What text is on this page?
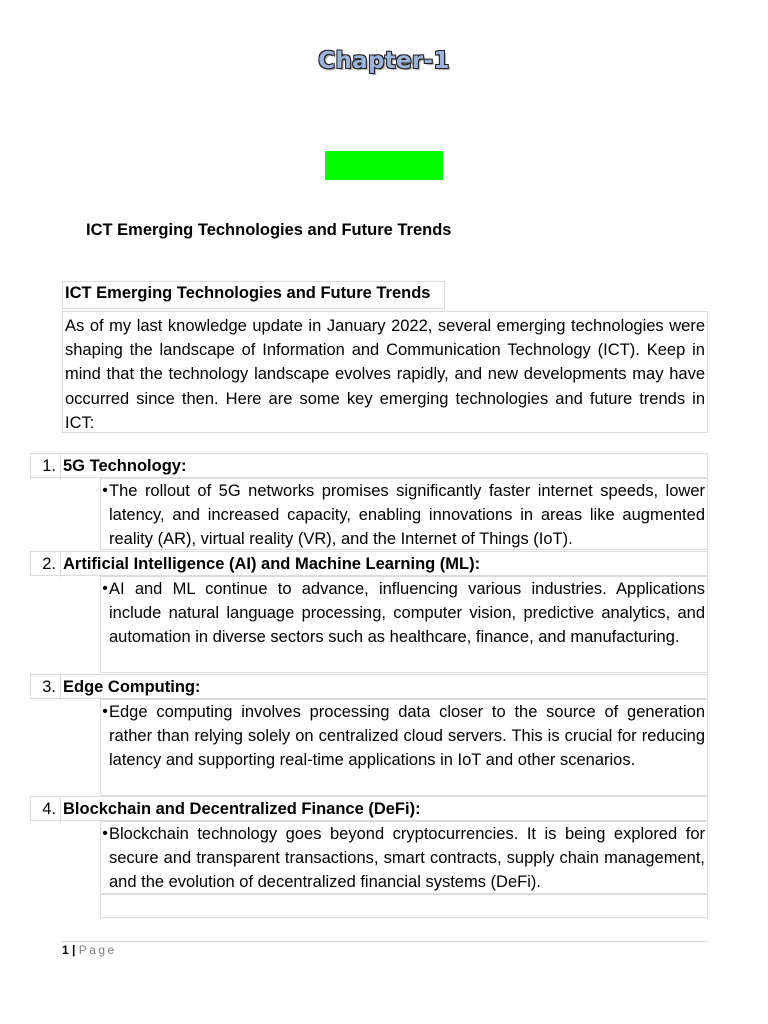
Chapter-1
ICT Emerging Technologies and Future Trends
ICT Emerging Technologies and Future Trends
As of my last knowledge update in January 2022, several emerging technologies were shaping the landscape of Information and Communication Technology (ICT). Keep in mind that the technology landscape evolves rapidly, and new developments may have occurred since then. Here are some key emerging technologies and future trends in ICT:
1. 5G Technology:
• The rollout of 5G networks promises significantly faster internet speeds, lower latency, and increased capacity, enabling innovations in areas like augmented reality (AR), virtual reality (VR), and the Internet of Things (IoT).
2. Artificial Intelligence (AI) and Machine Learning (ML):
• AI and ML continue to advance, influencing various industries. Applications include natural language processing, computer vision, predictive analytics, and automation in diverse sectors such as healthcare, finance, and manufacturing.
3. Edge Computing:
• Edge computing involves processing data closer to the source of generation rather than relying solely on centralized cloud servers. This is crucial for reducing latency and supporting real-time applications in IoT and other scenarios.
4. Blockchain and Decentralized Finance (DeFi):
• Blockchain technology goes beyond cryptocurrencies. It is being explored for secure and transparent transactions, smart contracts, supply chain management, and the evolution of decentralized financial systems (DeFi).
1 | Page
